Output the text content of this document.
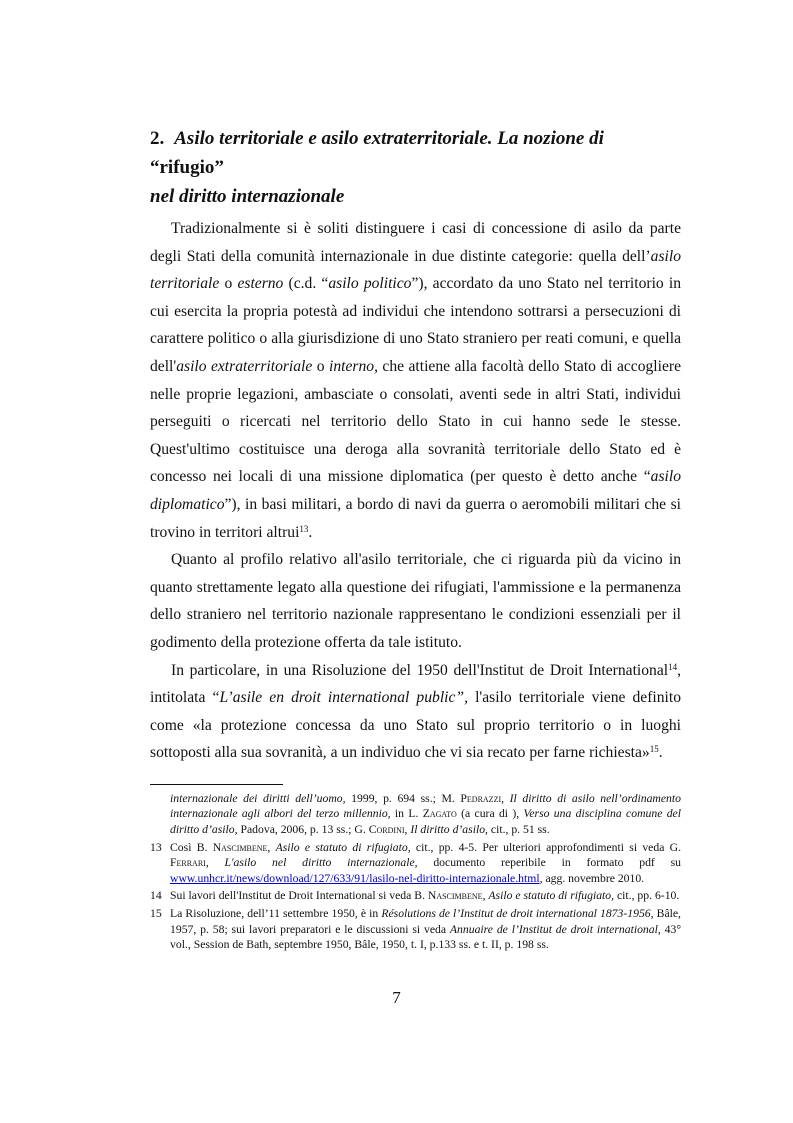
2. Asilo territoriale e asilo extraterritoriale. La nozione di “rifugio”
nel diritto internazionale

Tradizionalmente si è soliti distinguere i casi di concessione di asilo da parte degli Stati della comunità internazionale in due distinte categorie: quella dell’asilo territoriale o esterno (c.d. “asilo politico”), accordato da uno Stato nel territorio in cui esercita la propria potestà ad individui che intendono sottrarsi a persecuzioni di carattere politico o alla giurisdizione di uno Stato straniero per reati comuni, e quella dell'asilo extraterritoriale o interno, che attiene alla facoltà dello Stato di accogliere nelle proprie legazioni, ambasciate o consolati, aventi sede in altri Stati, individui perseguiti o ricercati nel territorio dello Stato in cui hanno sede le stesse. Quest'ultimo costituisce una deroga alla sovranità territoriale dello Stato ed è concesso nei locali di una missione diplomatica (per questo è detto anche “asilo diplomatico”), in basi militari, a bordo di navi da guerra o aeromobili militari che si trovino in territori altrui$^{13}$.

Quanto al profilo relativo all'asilo territoriale, che ci riguarda più da vicino in quanto strettamente legato alla questione dei rifugiati, l'ammissione e la permanenza dello straniero nel territorio nazionale rappresentano le condizioni essenziali per il godimento della protezione offerta da tale istituto.

In particolare, in una Risoluzione del 1950 dell'Institut de Droit International$^{14}$, intitolata “L’asile en droit international public”, l'asilo territoriale viene definito come «la protezione concessa da uno Stato sul proprio territorio o in luoghi sottoposti alla sua sovranità, a un individuo che vi sia recato per farne richiesta»$^{15}$.

internazionale dei diritti dell’uomo, 1999, p. 694 ss.; M. Pedrazzi, Il diritto di asilo nell’ordinamento internazionale agli albori del terzo millennio, in L. Zagato (a cura di ), Verso una disciplina comune del diritto d’asilo, Padova, 2006, p. 13 ss.; G. Cordini, Il diritto d’asilo, cit., p. 51 ss.
13 Così B. Nascimbene, Asilo e statuto di rifugiato, cit., pp. 4-5. Per ulteriori approfondimenti si veda G. Ferrari, L'asilo nel diritto internazionale, documento reperibile in formato pdf su www.unhcr.it/news/download/127/633/91/lasilo-nel-diritto-internazionale.html, agg. novembre 2010.
14 Sui lavori dell'Institut de Droit International si veda B. Nascimbene, Asilo e statuto di rifugiato, cit., pp. 6-10.
15 La Risoluzione, dell’11 settembre 1950, è in Résolutions de l’Institut de droit international 1873-1956, Bâle, 1957, p. 58; sui lavori preparatori e le discussioni si veda Annuaire de l’Institut de droit international, 43° vol., Session de Bath, septembre 1950, Bâle, 1950, t. I, p.133 ss. e t. II, p. 198 ss.
7
